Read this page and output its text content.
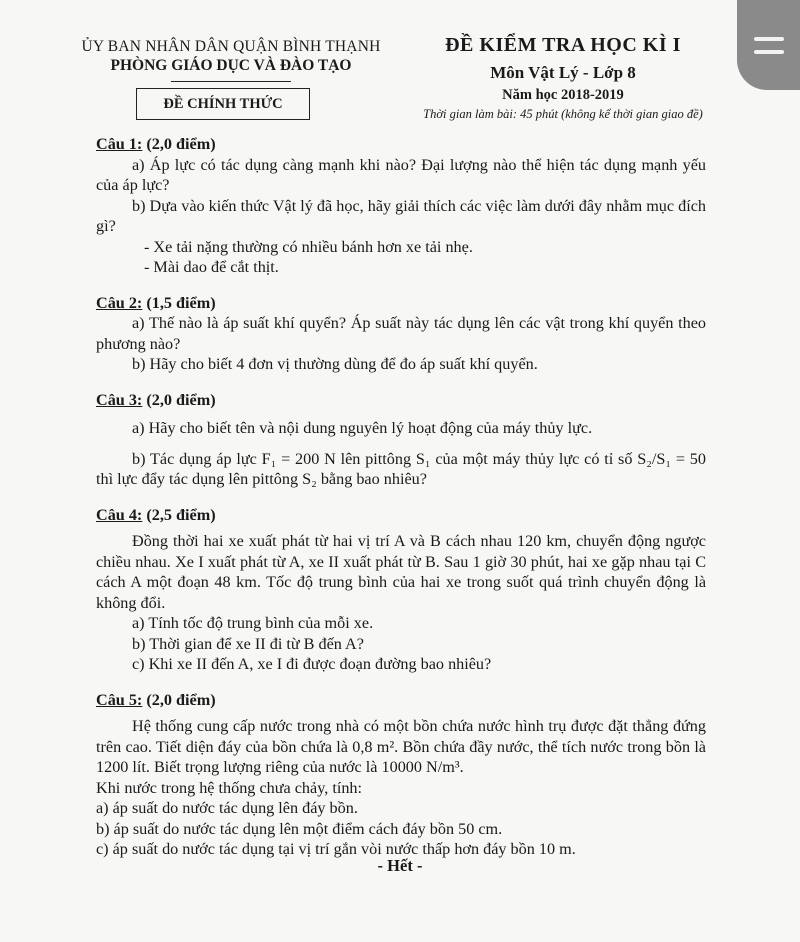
ỦY BAN NHÂN DÂN QUẬN BÌNH THẠNH
PHÒNG GIÁO DỤC VÀ ĐÀO TẠO
ĐỀ CHÍNH THỨC
ĐỀ KIỂM TRA HỌC KÌ I
Môn Vật Lý - Lớp 8
Năm học 2018-2019
Thời gian làm bài: 45 phút (không kể thời gian giao đề)
Câu 1: (2,0 điểm)
a) Áp lực có tác dụng càng mạnh khi nào? Đại lượng nào thể hiện tác dụng mạnh yếu của áp lực?
b) Dựa vào kiến thức Vật lý đã học, hãy giải thích các việc làm dưới đây nhằm mục đích gì?
- Xe tải nặng thường có nhiều bánh hơn xe tải nhẹ.
- Mài dao để cắt thịt.
Câu 2: (1,5 điểm)
a) Thế nào là áp suất khí quyển? Áp suất này tác dụng lên các vật trong khí quyển theo phương nào?
b) Hãy cho biết 4 đơn vị thường dùng để đo áp suất khí quyển.
Câu 3: (2,0 điểm)
a) Hãy cho biết tên và nội dung nguyên lý hoạt động của máy thủy lực.
b) Tác dụng áp lực F₁ = 200 N lên pittông S₁ của một máy thủy lực có tỉ số S₂/S₁ = 50 thì lực đẩy tác dụng lên pittông S₂ bằng bao nhiêu?
Câu 4: (2,5 điểm)
Đồng thời hai xe xuất phát từ hai vị trí A và B cách nhau 120 km, chuyển động ngược chiều nhau. Xe I xuất phát từ A, xe II xuất phát từ B. Sau 1 giờ 30 phút, hai xe gặp nhau tại C cách A một đoạn 48 km. Tốc độ trung bình của hai xe trong suốt quá trình chuyển động là không đổi.
a) Tính tốc độ trung bình của mỗi xe.
b) Thời gian để xe II đi từ B đến A?
c) Khi xe II đến A, xe I đi được đoạn đường bao nhiêu?
Câu 5: (2,0 điểm)
Hệ thống cung cấp nước trong nhà có một bồn chứa nước hình trụ được đặt thẳng đứng trên cao. Tiết diện đáy của bồn chứa là 0,8 m². Bồn chứa đầy nước, thể tích nước trong bồn là 1200 lít. Biết trọng lượng riêng của nước là 10000 N/m³.
Khi nước trong hệ thống chưa chảy, tính:
a) áp suất do nước tác dụng lên đáy bồn.
b) áp suất do nước tác dụng lên một điểm cách đáy bồn 50 cm.
c) áp suất do nước tác dụng tại vị trí gắn vòi nước thấp hơn đáy bồn 10 m.
- Hết -
